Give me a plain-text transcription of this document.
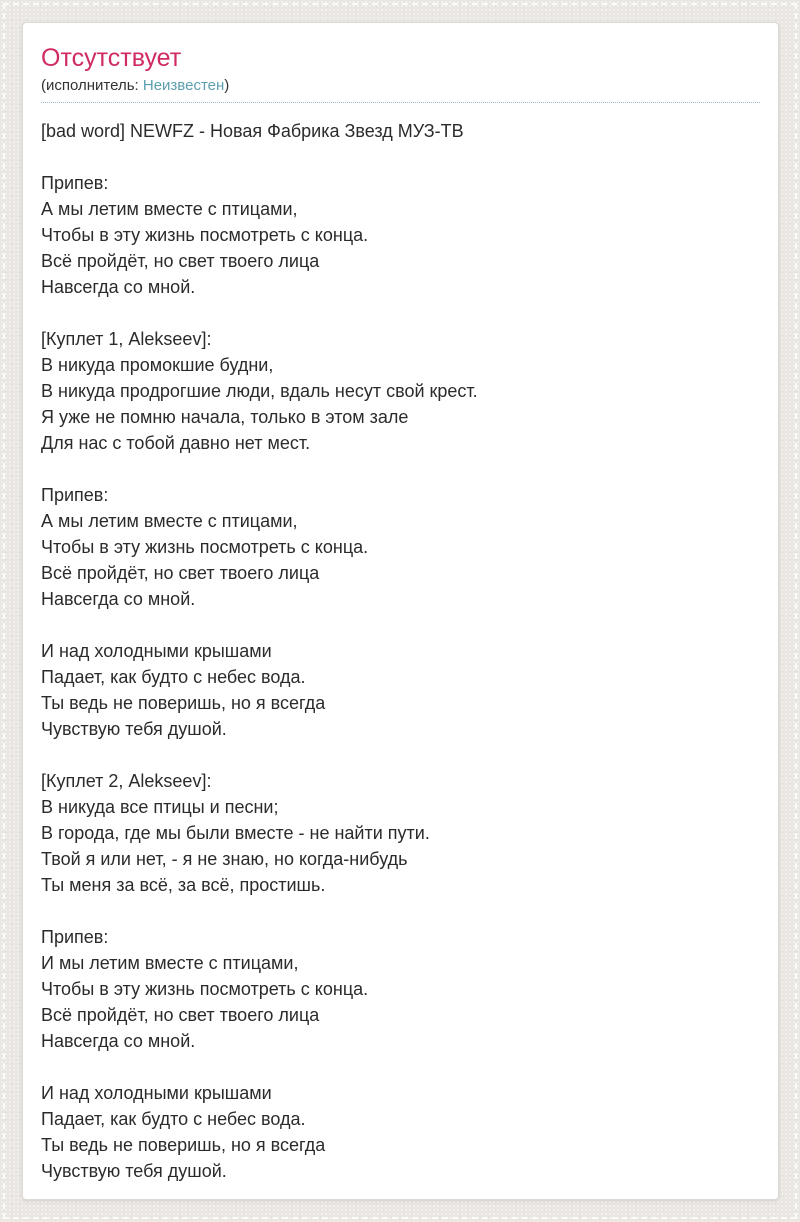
Отсутствует
(исполнитель: Неизвестен)
[bad word] NEWFZ - Новая Фабрика Звезд МУЗ-ТВ
Припев:
А мы летим вместе с птицами,
Чтобы в эту жизнь посмотреть с конца.
Всё пройдёт, но свет твоего лица
Навсегда со мной.
[Куплет 1, Alekseev]:
В никуда промокшие будни,
В никуда продрогшие люди, вдаль несут свой крест.
Я уже не помню начала, только в этом зале
Для нас с тобой давно нет мест.
Припев:
А мы летим вместе с птицами,
Чтобы в эту жизнь посмотреть с конца.
Всё пройдёт, но свет твоего лица
Навсегда со мной.
И над холодными крышами
Падает, как будто с небес вода.
Ты ведь не поверишь, но я всегда
Чувствую тебя душой.
[Куплет 2, Alekseev]:
В никуда все птицы и песни;
В города, где мы были вместе - не найти пути.
Твой я или нет, - я не знаю, но когда-нибудь
Ты меня за всё, за всё, простишь.
Припев:
И мы летим вместе с птицами,
Чтобы в эту жизнь посмотреть с конца.
Всё пройдёт, но свет твоего лица
Навсегда со мной.
И над холодными крышами
Падает, как будто с небес вода.
Ты ведь не поверишь, но я всегда
Чувствую тебя душой.
